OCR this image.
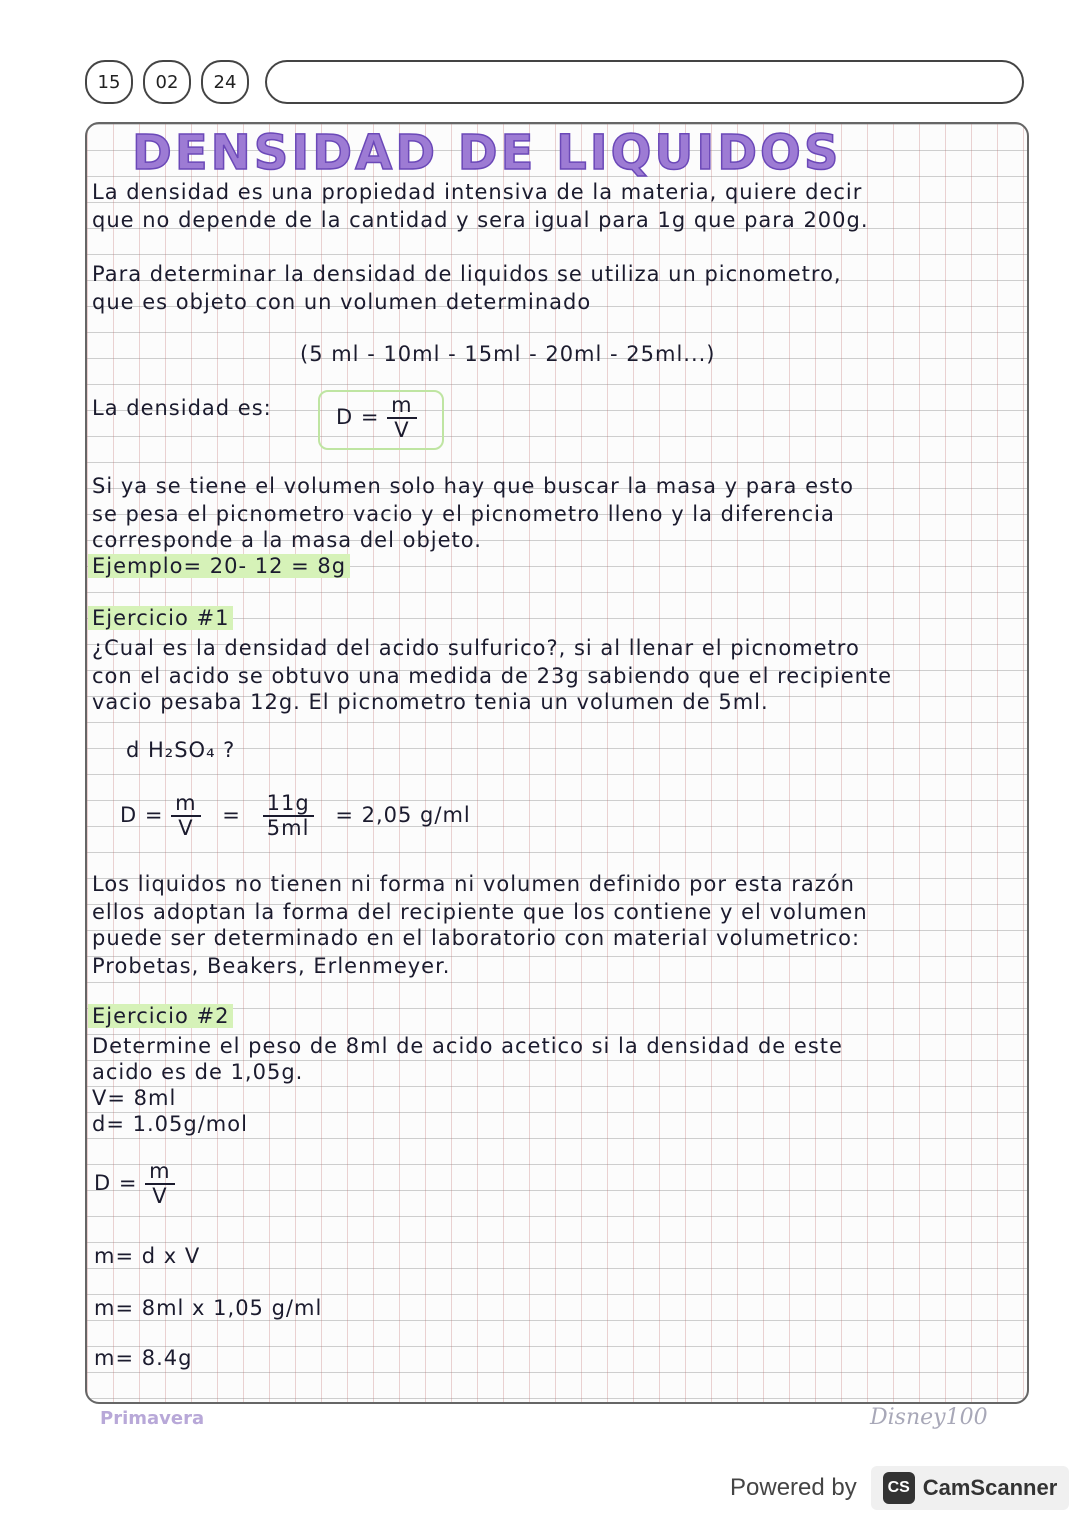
15	02	24
DENSIDAD DE LIQUIDOS
La densidad es una propiedad intensiva de la materia, quiere decir
que no depende de la cantidad y sera igual para 1g que para 200g.
Para determinar la densidad de liquidos se utiliza un picnometro,
que es objeto con un volumen determinado
(5 ml - 10ml - 15ml - 20ml - 25ml...)
La densidad es:	$D = \frac{m}{V}$
Si ya se tiene el volumen solo hay que buscar la masa y para esto
se pesa el picnometro vacio y el picnometro lleno y la diferencia
corresponde a la masa del objeto.
Ejemplo= 20- 12 = 8g
Ejercicio #1
¿Cual es la densidad del acido sulfurico?, si al llenar el picnometro
con el acido se obtuvo una medida de 23g sabiendo que el recipiente
vacio pesaba 12g. El picnometro tenia un volumen de 5ml.
d H₂SO₄ ?
$D = \frac{m}{V} = \frac{11g}{5ml} = 2,05$ g/ml
Los liquidos no tienen ni forma ni volumen definido por esta razón
ellos adoptan la forma del recipiente que los contiene y el volumen
puede ser determinado en el laboratorio con material volumetrico:
Probetas, Beakers, Erlenmeyer.
Ejercicio #2
Determine el peso de 8ml de acido acetico si la densidad de este
acido es de 1,05g.
V= 8ml
d= 1.05g/mol
$D = \frac{m}{V}$
m= d x V
m= 8ml x 1,05 g/ml
m= 8.4g
Primavera	Disney100
Powered by	CS CamScanner
